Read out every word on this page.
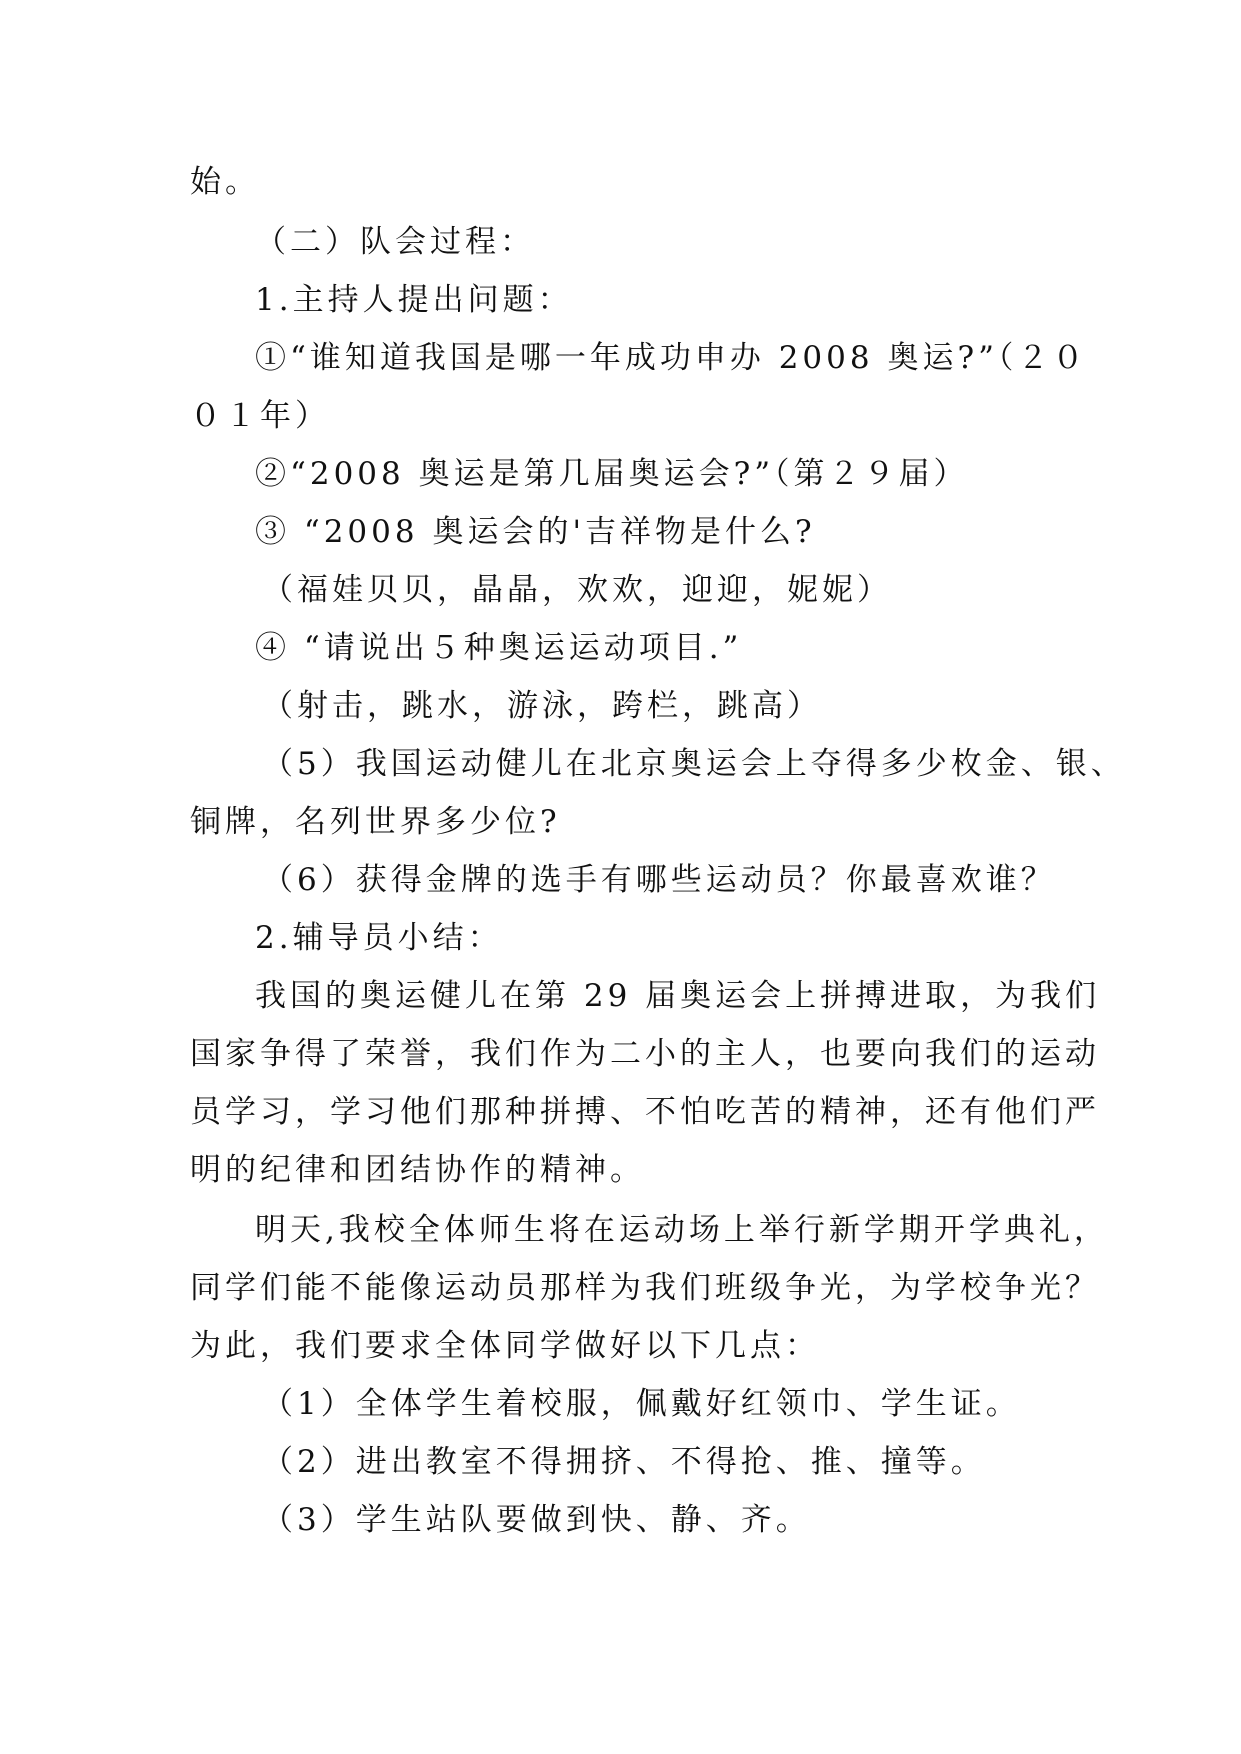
始。
（二）队会过程：
1.主持人提出问题：
①“谁知道我国是哪一年成功申办 2008 奥运?”（２０
０１年）
②“2008 奥运是第几届奥运会?”（第２９届）
③ “2008 奥运会的'吉祥物是什么?
（福娃贝贝，晶晶，欢欢，迎迎，妮妮）
④ “请说出５种奥运运动项目.”
（射击，跳水，游泳，跨栏，跳高）
（5）我国运动健儿在北京奥运会上夺得多少枚金、银、
铜牌，名列世界多少位?
（6）获得金牌的选手有哪些运动员？你最喜欢谁？
2.辅导员小结：
我国的奥运健儿在第 29 届奥运会上拼搏进取，为我们
国家争得了荣誉，我们作为二小的主人，也要向我们的运动
员学习，学习他们那种拼搏、不怕吃苦的精神，还有他们严
明的纪律和团结协作的精神。
明天,我校全体师生将在运动场上举行新学期开学典礼，
同学们能不能像运动员那样为我们班级争光，为学校争光？
为此，我们要求全体同学做好以下几点：
（1）全体学生着校服，佩戴好红领巾、学生证。
（2）进出教室不得拥挤、不得抢、推、撞等。
（3）学生站队要做到快、静、齐。
